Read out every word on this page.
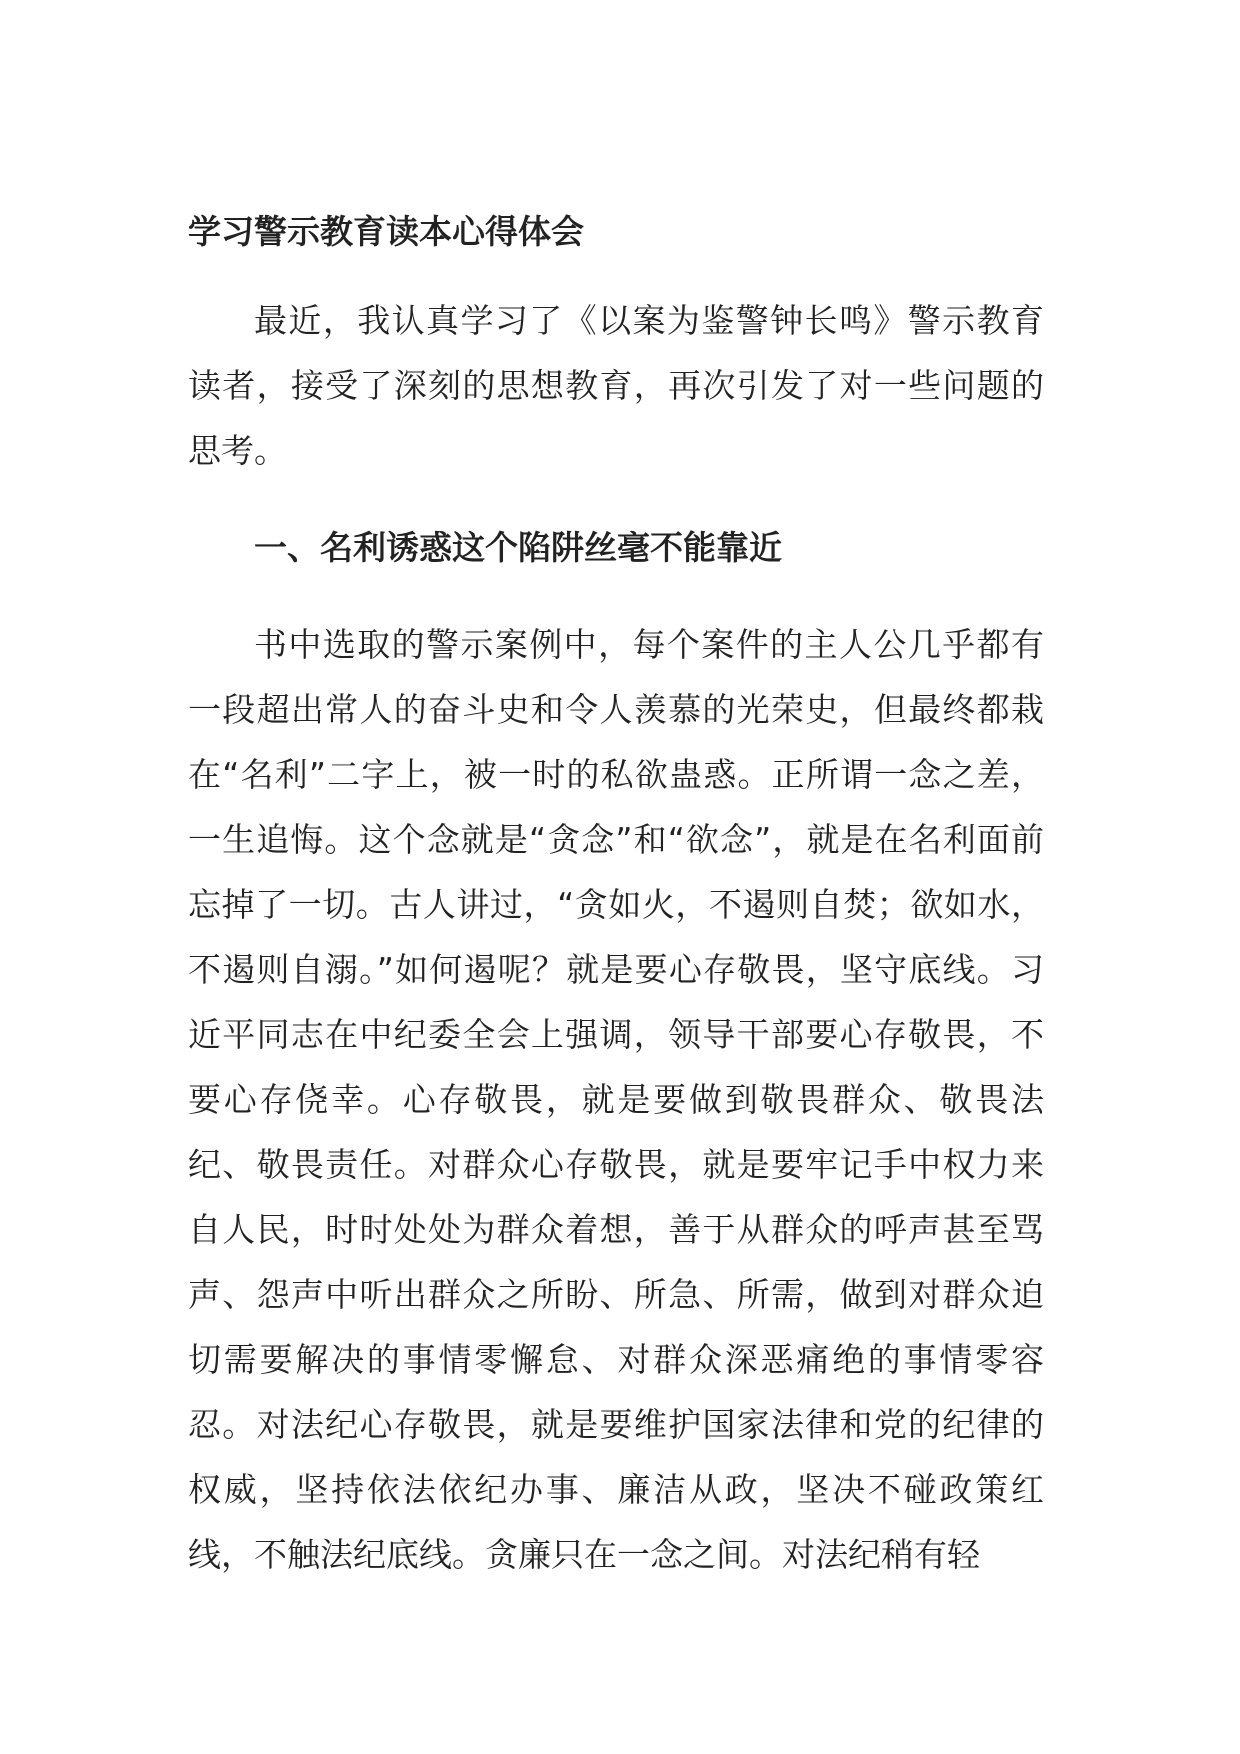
学习警示教育读本心得体会

最近，我认真学习了《以案为鉴警钟长鸣》警示教育读者，接受了深刻的思想教育，再次引发了对一些问题的思考。

一、名利诱惑这个陷阱丝毫不能靠近

书中选取的警示案例中，每个案件的主人公几乎都有一段超出常人的奋斗史和令人羡慕的光荣史，但最终都栽在“名利”二字上，被一时的私欲蛊惑。正所谓一念之差，一生追悔。这个念就是“贪念”和“欲念”，就是在名利面前忘掉了一切。古人讲过，“贪如火，不遏则自焚；欲如水，不遏则自溺。”如何遏呢？就是要心存敬畏，坚守底线。习近平同志在中纪委全会上强调，领导干部要心存敬畏，不要心存侥幸。心存敬畏，就是要做到敬畏群众、敬畏法纪、敬畏责任。对群众心存敬畏，就是要牢记手中权力来自人民，时时处处为群众着想，善于从群众的呼声甚至骂声、怨声中听出群众之所盼、所急、所需，做到对群众迫切需要解决的事情零懈怠、对群众深恶痛绝的事情零容忍。对法纪心存敬畏，就是要维护国家法律和党的纪律的权威，坚持依法依纪办事、廉洁从政，坚决不碰政策红线，不触法纪底线。贪廉只在一念之间。对法纪稍有轻
